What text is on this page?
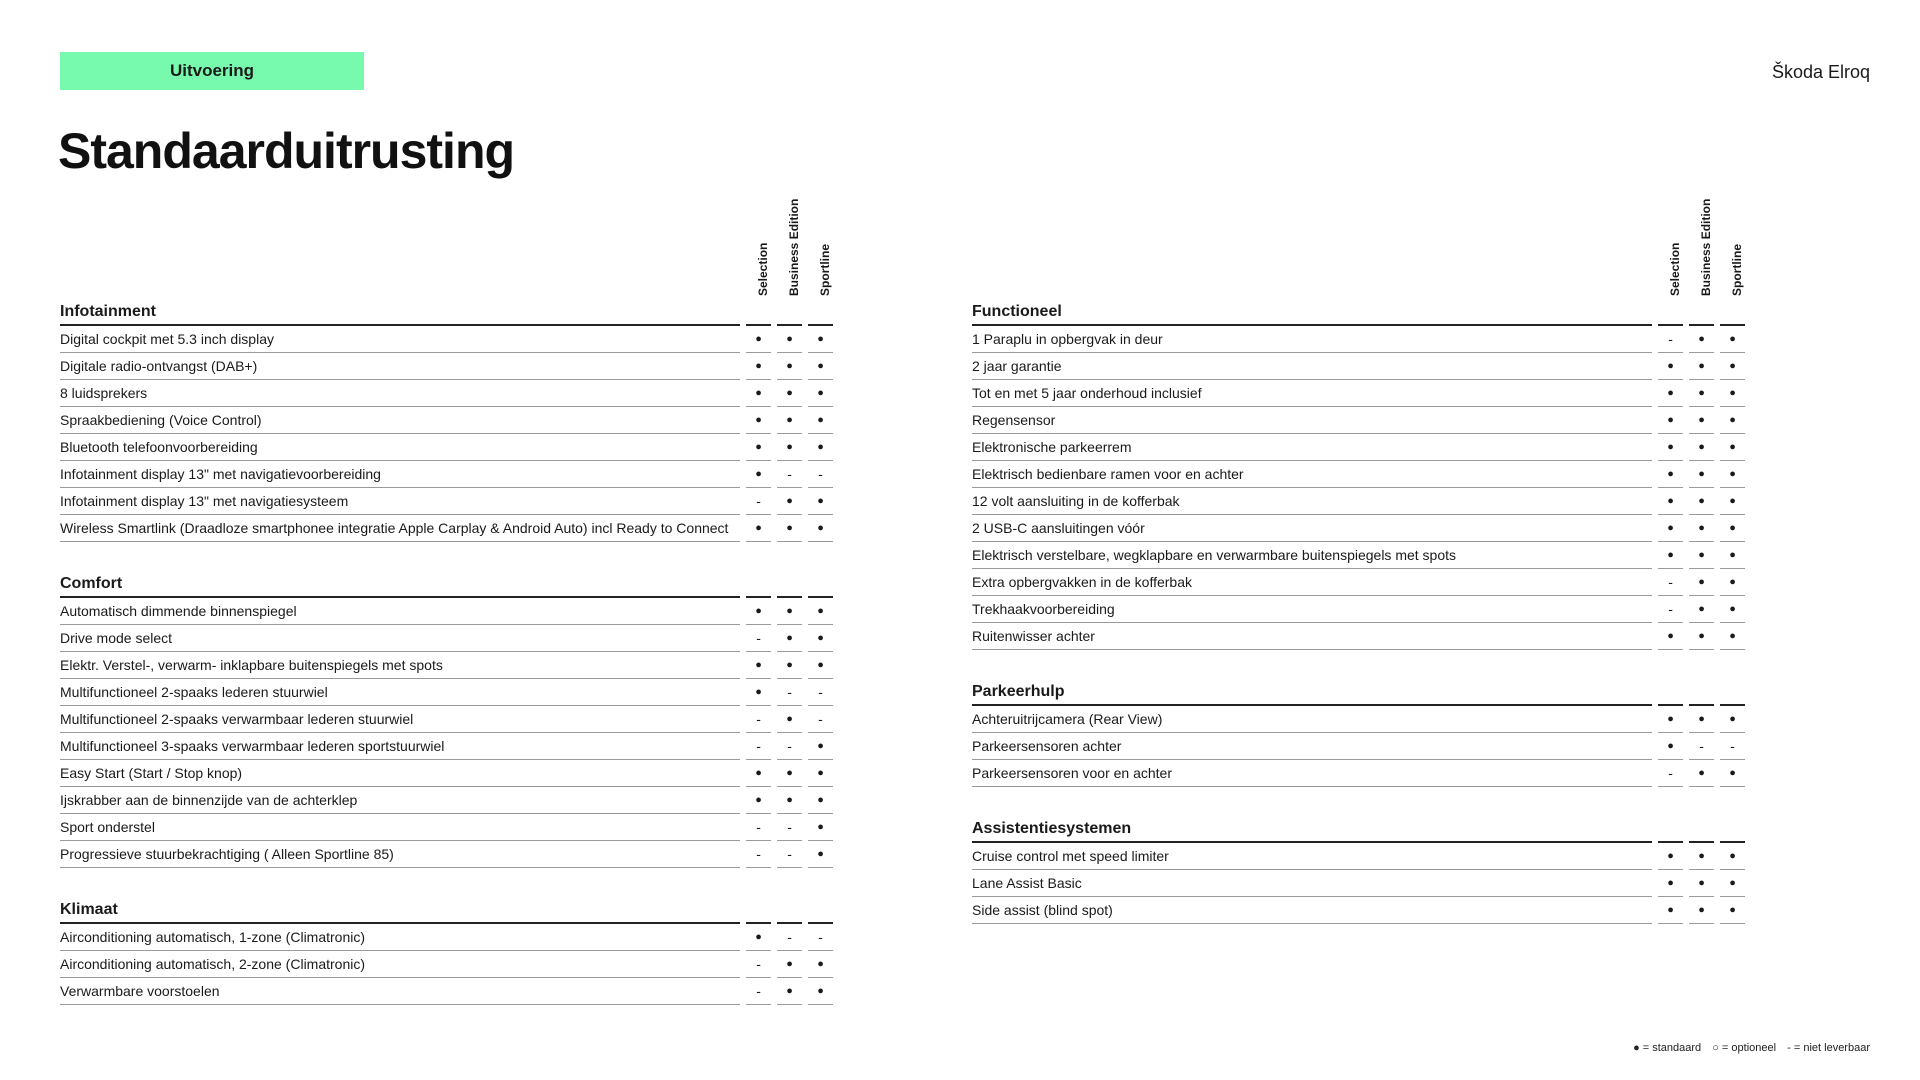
Uitvoering	Škoda Elroq
Standaarduitrusting
Selection Business Edition Sportline
Infotainment
Digital cockpit met 5.3 inch display	●	●	●
Digitale radio-ontvangst (DAB+)	●	●	●
8 luidsprekers	●	●	●
Spraakbediening (Voice Control)	●	●	●
Bluetooth telefoonvoorbereiding	●	●	●
Infotainment display 13" met navigatievoorbereiding	●	-	-
Infotainment display 13" met navigatiesysteem	-	●	●
Wireless Smartlink (Draadloze smartphonee integratie Apple Carplay & Android Auto) incl Ready to Connect	●	●	●
Comfort
Automatisch dimmende binnenspiegel	●	●	●
Drive mode select	-	●	●
Elektr. Verstel-, verwarm- inklapbare buitenspiegels met spots	●	●	●
Multifunctioneel 2-spaaks lederen stuurwiel	●	-	-
Multifunctioneel 2-spaaks verwarmbaar lederen stuurwiel	-	●	-
Multifunctioneel 3-spaaks verwarmbaar lederen sportstuurwiel	-	-	●
Easy Start (Start / Stop knop)	●	●	●
Ijskrabber aan de binnenzijde van de achterklep	●	●	●
Sport onderstel	-	-	●
Progressieve stuurbekrachtiging ( Alleen Sportline 85)	-	-	●
Klimaat
Airconditioning automatisch, 1-zone (Climatronic)	●	-	-
Airconditioning automatisch, 2-zone (Climatronic)	-	●	●
Verwarmbare voorstoelen	-	●	●
Selection Business Edition Sportline
Functioneel
1 Paraplu in opbergvak in deur	-	●	●
2 jaar garantie	●	●	●
Tot en met 5 jaar onderhoud inclusief	●	●	●
Regensensor	●	●	●
Elektronische parkeerrem	●	●	●
Elektrisch bedienbare ramen voor en achter	●	●	●
12 volt aansluiting in de kofferbak	●	●	●
2 USB-C aansluitingen vóór	●	●	●
Elektrisch verstelbare, wegklapbare en verwarmbare buitenspiegels met spots	●	●	●
Extra opbergvakken in de kofferbak	-	●	●
Trekhaakvoorbereiding	-	●	●
Ruitenwisser achter	●	●	●
Parkeerhulp
Achteruitrijcamera (Rear View)	●	●	●
Parkeersensoren achter	●	-	-
Parkeersensoren voor en achter	-	●	●
Assistentiesystemen
Cruise control met speed limiter	●	●	●
Lane Assist Basic	●	●	●
Side assist (blind spot)	●	●	●
● = standaard ○ = optioneel - = niet leverbaar
